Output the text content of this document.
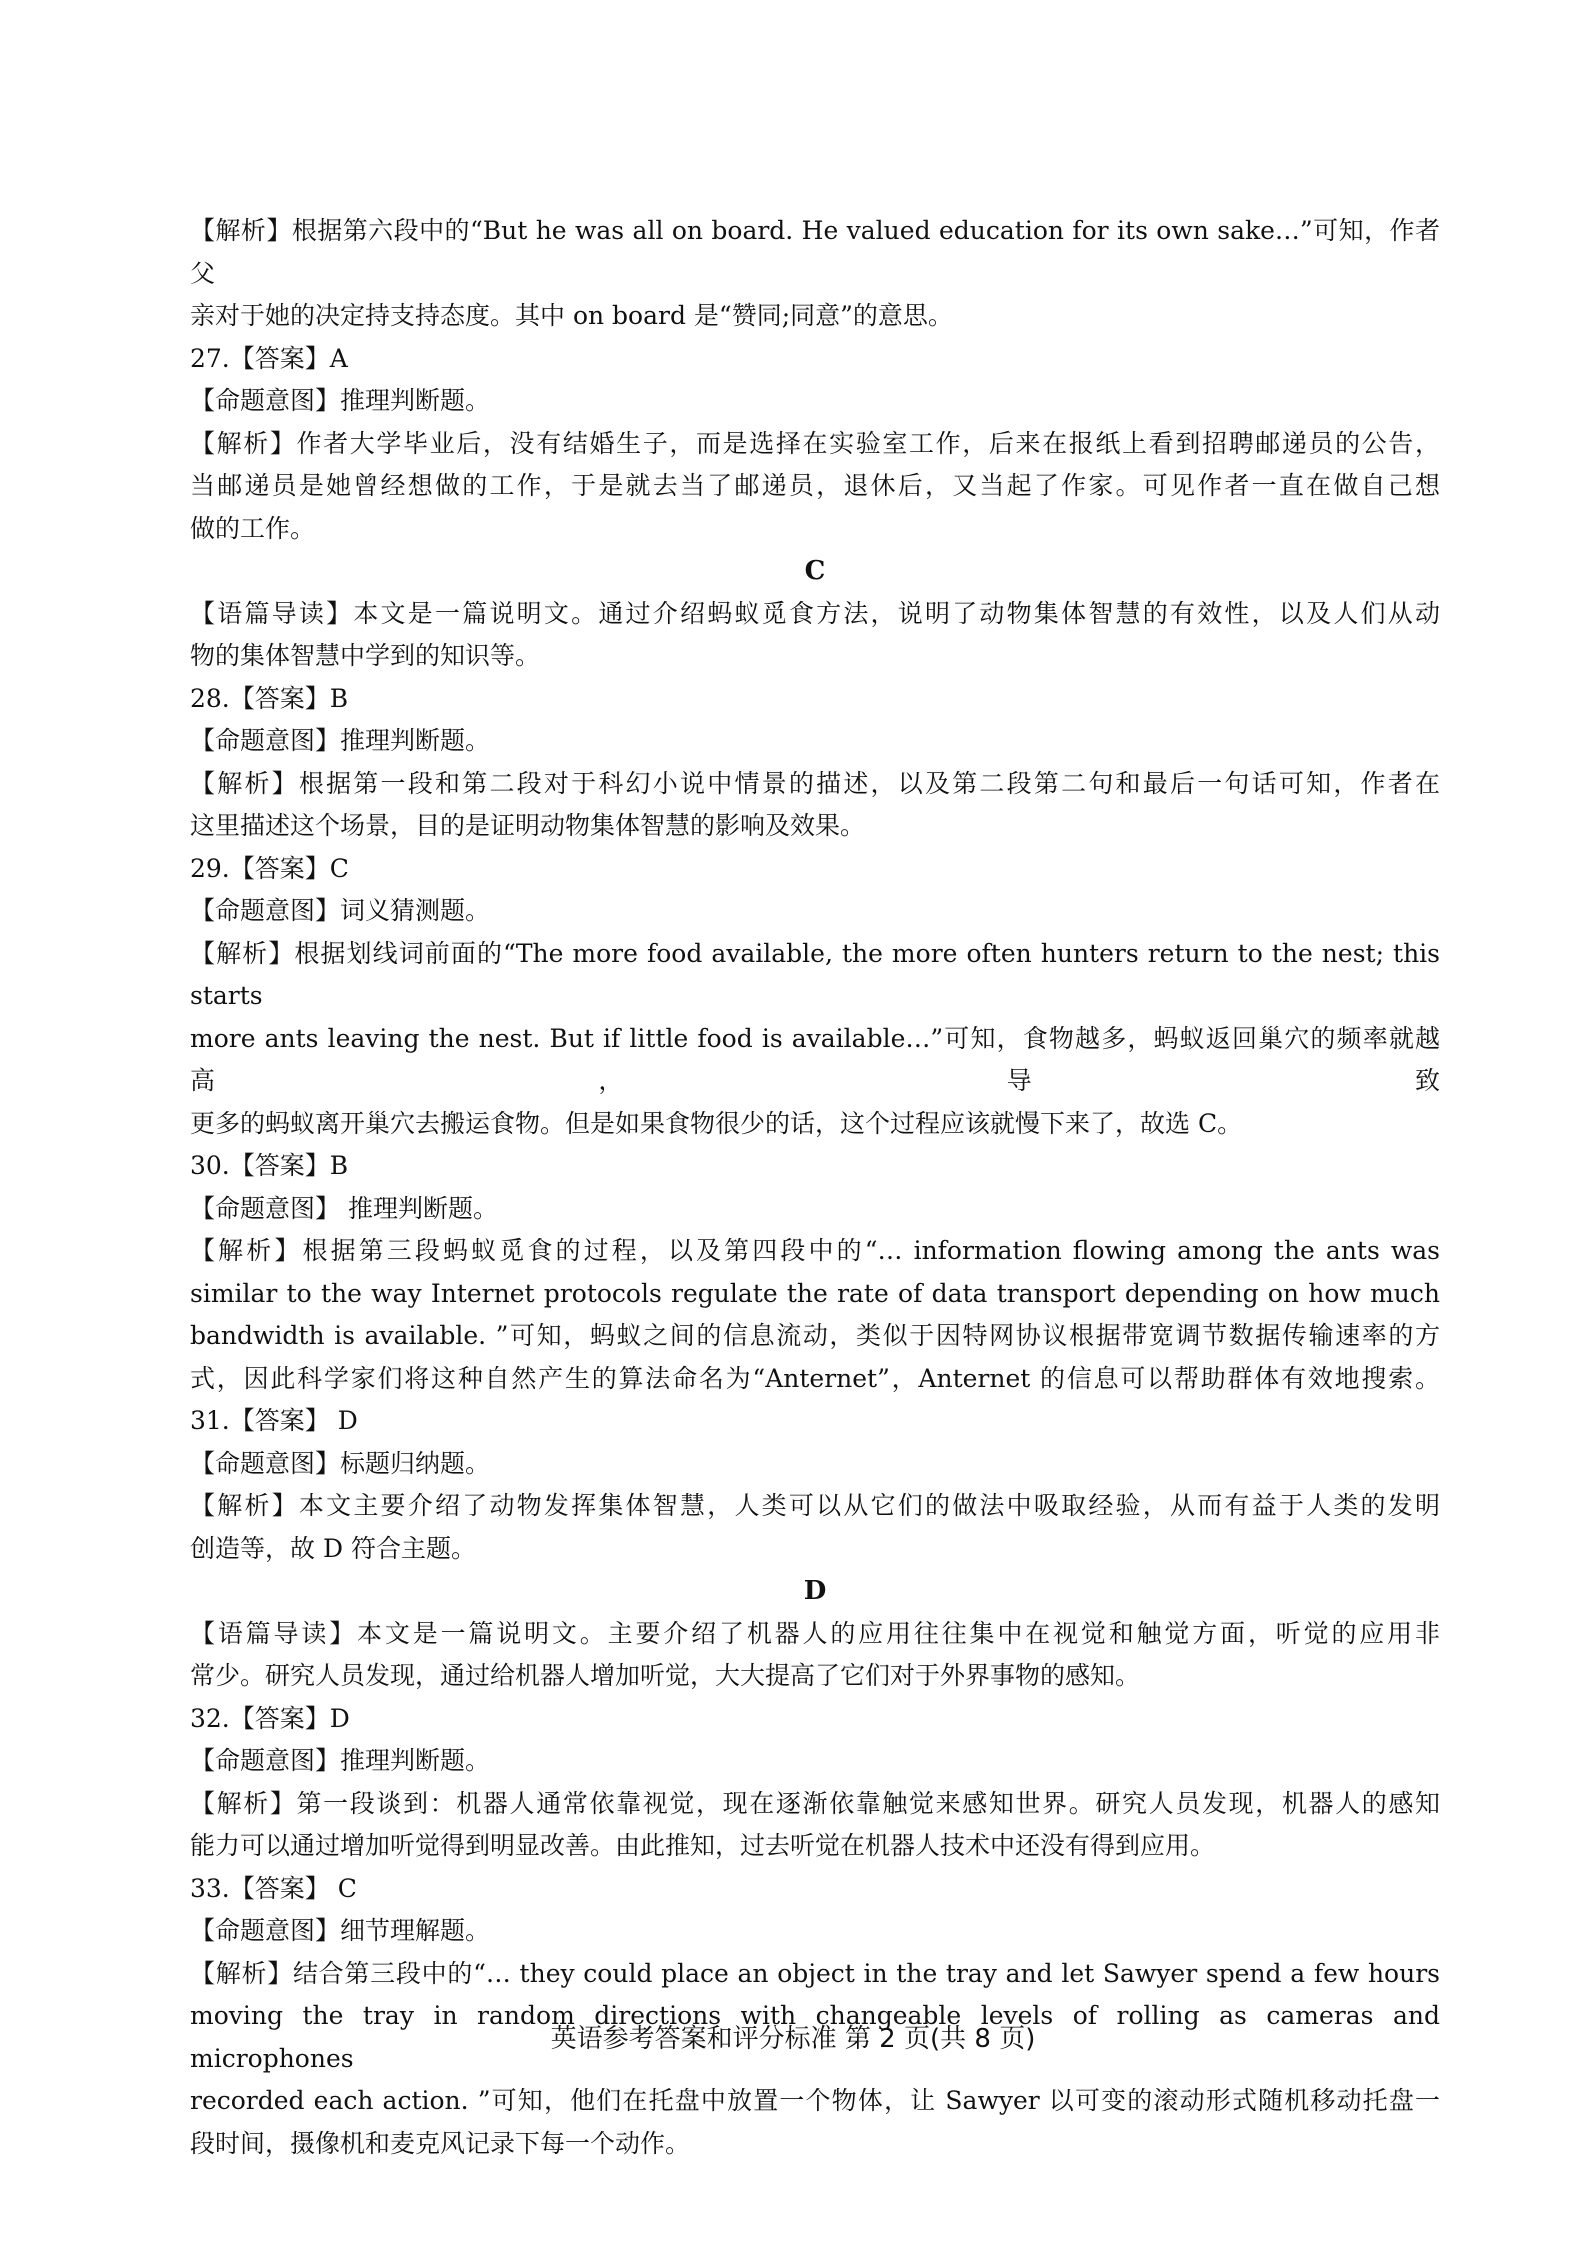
【解析】根据第六段中的“But he was all on board. He valued education for its own sake…”可知，作者父
亲对于她的决定持支持态度。其中 on board 是“赞同;同意”的意思。
27.【答案】A
【命题意图】推理判断题。
【解析】作者大学毕业后，没有结婚生子，而是选择在实验室工作，后来在报纸上看到招聘邮递员的公告，
当邮递员是她曾经想做的工作，于是就去当了邮递员，退休后，又当起了作家。可见作者一直在做自己想
做的工作。
C
【语篇导读】本文是一篇说明文。通过介绍蚂蚁觅食方法，说明了动物集体智慧的有效性，以及人们从动
物的集体智慧中学到的知识等。
28.【答案】B
【命题意图】推理判断题。
【解析】根据第一段和第二段对于科幻小说中情景的描述，以及第二段第二句和最后一句话可知，作者在
这里描述这个场景，目的是证明动物集体智慧的影响及效果。
29.【答案】C
【命题意图】词义猜测题。
【解析】根据划线词前面的“The more food available, the more often hunters return to the nest; this starts
more ants leaving the nest. But if little food is available…”可知，食物越多，蚂蚁返回巢穴的频率就越高，导致
更多的蚂蚁离开巢穴去搬运食物。但是如果食物很少的话，这个过程应该就慢下来了，故选 C。
30.【答案】B
【命题意图】 推理判断题。
【解析】根据第三段蚂蚁觅食的过程，以及第四段中的“… information flowing among the ants was
similar to the way Internet protocols regulate the rate of data transport depending on how much
bandwidth is available. ”可知，蚂蚁之间的信息流动，类似于因特网协议根据带宽调节数据传输速率的方
式，因此科学家们将这种自然产生的算法命名为“Anternet”，Anternet 的信息可以帮助群体有效地搜索。
31.【答案】 D
【命题意图】标题归纳题。
【解析】本文主要介绍了动物发挥集体智慧，人类可以从它们的做法中吸取经验，从而有益于人类的发明
创造等，故 D 符合主题。
D
【语篇导读】本文是一篇说明文。主要介绍了机器人的应用往往集中在视觉和触觉方面，听觉的应用非
常少。研究人员发现，通过给机器人增加听觉，大大提高了它们对于外界事物的感知。
32.【答案】D
【命题意图】推理判断题。
【解析】第一段谈到：机器人通常依靠视觉，现在逐渐依靠触觉来感知世界。研究人员发现，机器人的感知
能力可以通过增加听觉得到明显改善。由此推知，过去听觉在机器人技术中还没有得到应用。
33.【答案】 C
【命题意图】细节理解题。
【解析】结合第三段中的“… they could place an object in the tray and let Sawyer spend a few hours
moving the tray in random directions with changeable levels of rolling as cameras and microphones
recorded each action. ”可知，他们在托盘中放置一个物体，让 Sawyer 以可变的滚动形式随机移动托盘一
段时间，摄像机和麦克风记录下每一个动作。
英语参考答案和评分标准 第 2 页(共 8 页)
